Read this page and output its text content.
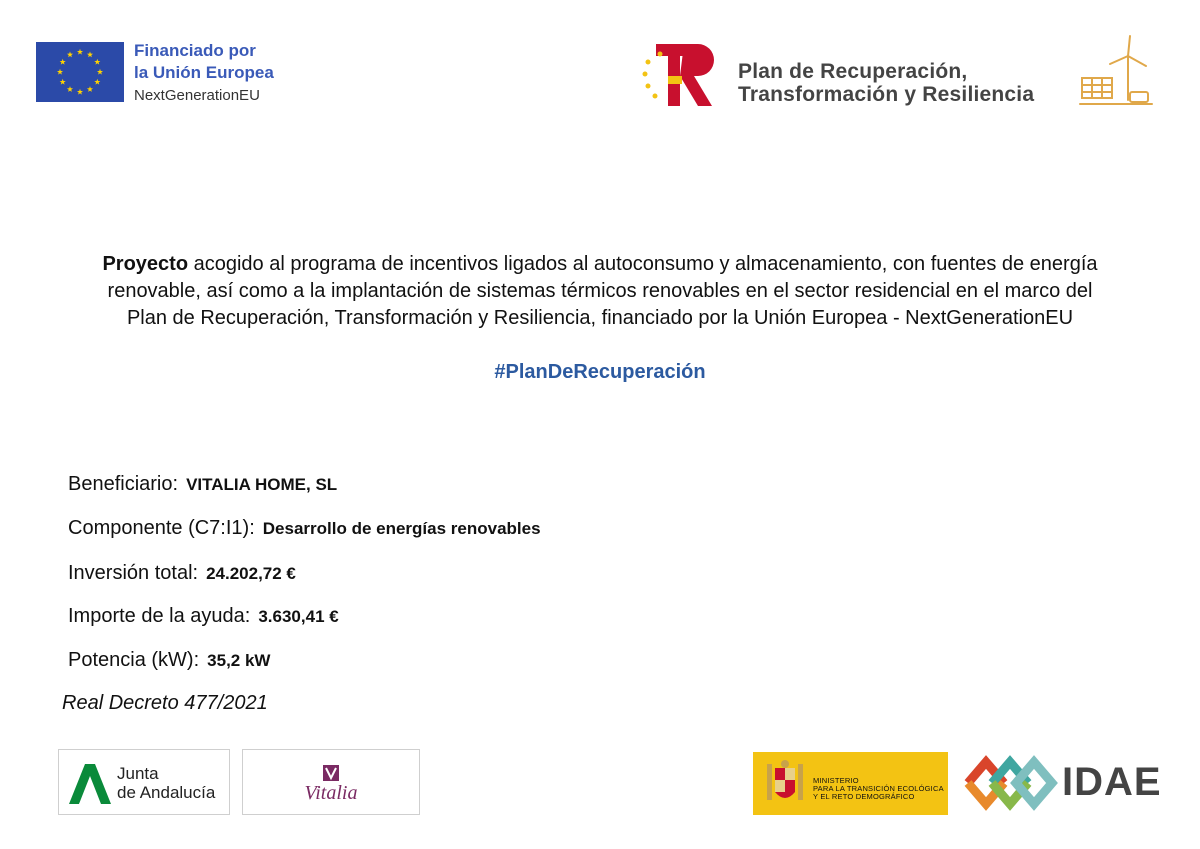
Financiado por
la Unión Europea
NextGenerationEU
Plan de Recuperación,
Transformación y Resiliencia
Proyecto acogido al programa de incentivos ligados al autoconsumo y almacenamiento, con fuentes de energía
renovable, así como a la implantación de sistemas térmicos renovables en el sector residencial en el marco del
Plan de Recuperación, Transformación y Resiliencia, financiado por la Unión Europea - NextGenerationEU
#PlanDeRecuperación
Beneficiario: VITALIA HOME, SL
Componente (C7:I1): Desarrollo de energías renovables
Inversión total: 24.202,72 €
Importe de la ayuda: 3.630,41 €
Potencia (kW): 35,2 kW
Real Decreto 477/2021
Junta
de Andalucía	Vitalia
MINISTERIO
PARA LA TRANSICIÓN ECOLÓGICA
Y EL RETO DEMOGRÁFICO	IDAE
